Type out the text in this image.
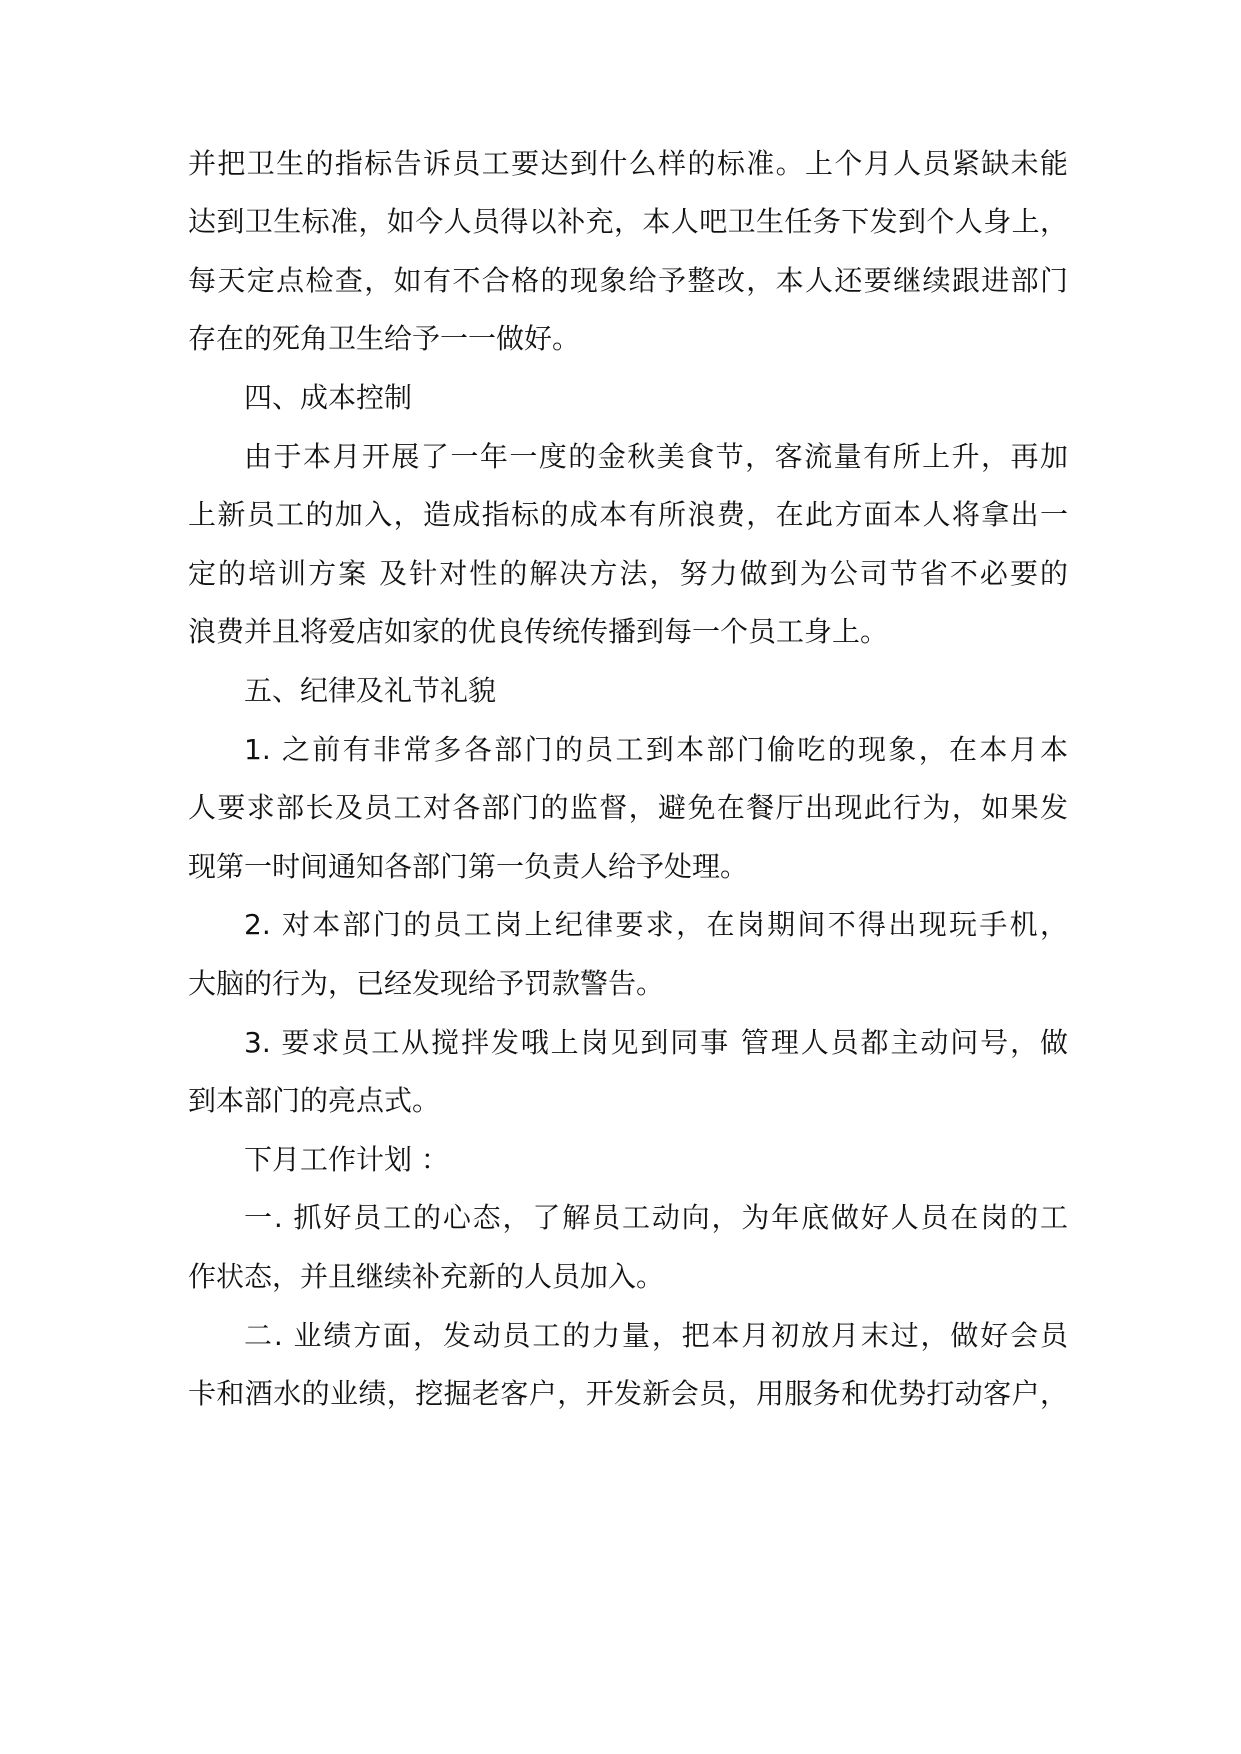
并把卫生的指标告诉员工要达到什么样的标准。上个月人员紧缺未能
达到卫生标准，如今人员得以补充，本人吧卫生任务下发到个人身上，
每天定点检查，如有不合格的现象给予整改，本人还要继续跟进部门
存在的死角卫生给予一一做好。
四、成本控制
由于本月开展了一年一度的金秋美食节，客流量有所上升，再加
上新员工的加入，造成指标的成本有所浪费，在此方面本人将拿出一
定的培训方案 及针对性的解决方法，努力做到为公司节省不必要的
浪费并且将爱店如家的优良传统传播到每一个员工身上。
五、纪律及礼节礼貌
1. 之前有非常多各部门的员工到本部门偷吃的现象，在本月本
人要求部长及员工对各部门的监督，避免在餐厅出现此行为，如果发
现第一时间通知各部门第一负责人给予处理。
2. 对本部门的员工岗上纪律要求，在岗期间不得出现玩手机，
大脑的行为，已经发现给予罚款警告。
3. 要求员工从搅拌发哦上岗见到同事 管理人员都主动问号，做
到本部门的亮点式。
下月工作计划 ：
一. 抓好员工的心态，了解员工动向，为年底做好人员在岗的工
作状态，并且继续补充新的人员加入。
二. 业绩方面，发动员工的力量，把本月初放月末过，做好会员
卡和酒水的业绩，挖掘老客户，开发新会员，用服务和优势打动客户，
